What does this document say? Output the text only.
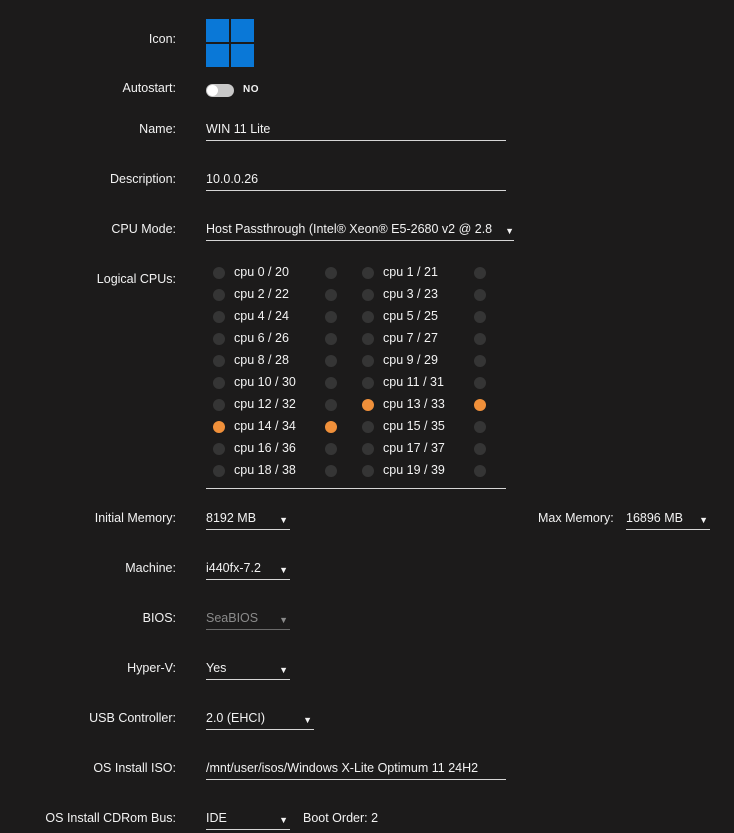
Icon:
Autostart:	NO
Name: WIN 11 Lite
Description: 10.0.0.26
CPU Mode: Host Passthrough (Intel® Xeon® E5-2680 v2 @ 2.8 ▼
Logical CPUs:	cpu 0 / 20	cpu 1 / 21
cpu 2 / 22	cpu 3 / 23
cpu 4 / 24	cpu 5 / 25
cpu 6 / 26	cpu 7 / 27
cpu 8 / 28	cpu 9 / 29
cpu 10 / 30	cpu 11 / 31
cpu 12 / 32	cpu 13 / 33
cpu 14 / 34	cpu 15 / 35
cpu 16 / 36	cpu 17 / 37
cpu 18 / 38	cpu 19 / 39
Initial Memory: 8192 MB	▼	Max Memory: 16896 MB ▼
Machine: i440fx-7.2 ▼
BIOS: SeaBIOS ▼
Hyper-V: Yes	▼
USB Controller: 2.0 (EHCI)	▼
OS Install ISO: /mnt/user/isos/Windows X-Lite Optimum 11 24H2
OS Install CDRom Bus: IDE	▼ Boot Order: 2
